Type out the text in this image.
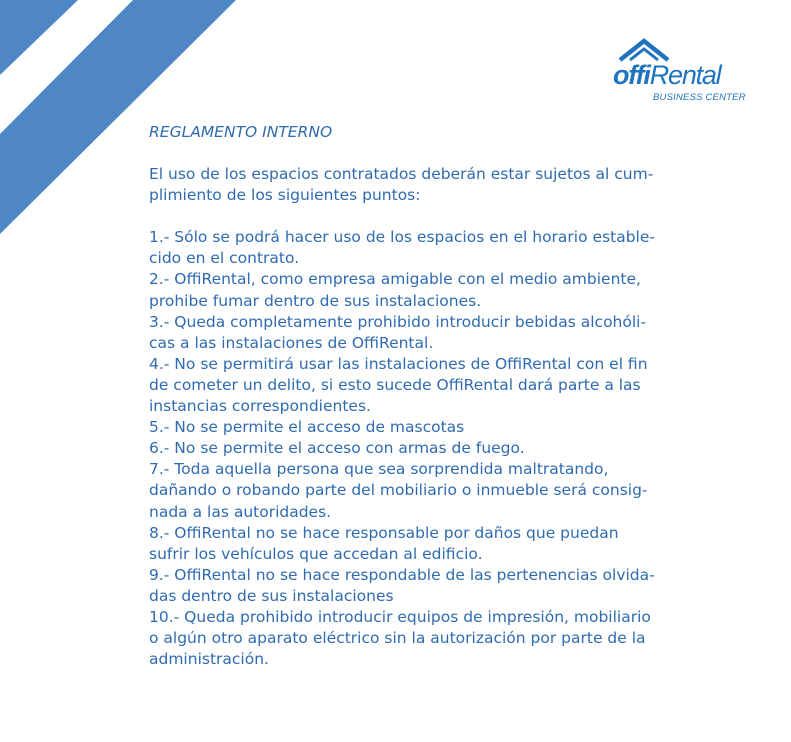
offiRental
BUSINESS CENTER
REGLAMENTO INTERNO

El uso de los espacios contratados deberán estar sujetos al cum-
plimiento de los siguientes puntos:

1.- Sólo se podrá hacer uso de los espacios en el horario estable-
cido en el contrato.
2.- OffiRental, como empresa amigable con el medio ambiente,
prohibe fumar dentro de sus instalaciones.
3.- Queda completamente prohibido introducir bebidas alcohóli-
cas a las instalaciones de OffiRental.
4.- No se permitirá usar las instalaciones de OffiRental con el fin
de cometer un delito, si esto sucede OffiRental dará parte a las
instancias correspondientes.
5.- No se permite el acceso de mascotas
6.- No se permite el acceso con armas de fuego.
7.- Toda aquella persona que sea sorprendida maltratando,
dañando o robando parte del mobiliario o inmueble será consig-
nada a las autoridades.
8.- OffiRental no se hace responsable por daños que puedan
sufrir los vehículos que accedan al edificio.
9.- OffiRental no se hace respondable de las pertenencias olvida-
das dentro de sus instalaciones
10.- Queda prohibido introducir equipos de impresión, mobiliario
o algún otro aparato eléctrico sin la autorización por parte de la
administración.
